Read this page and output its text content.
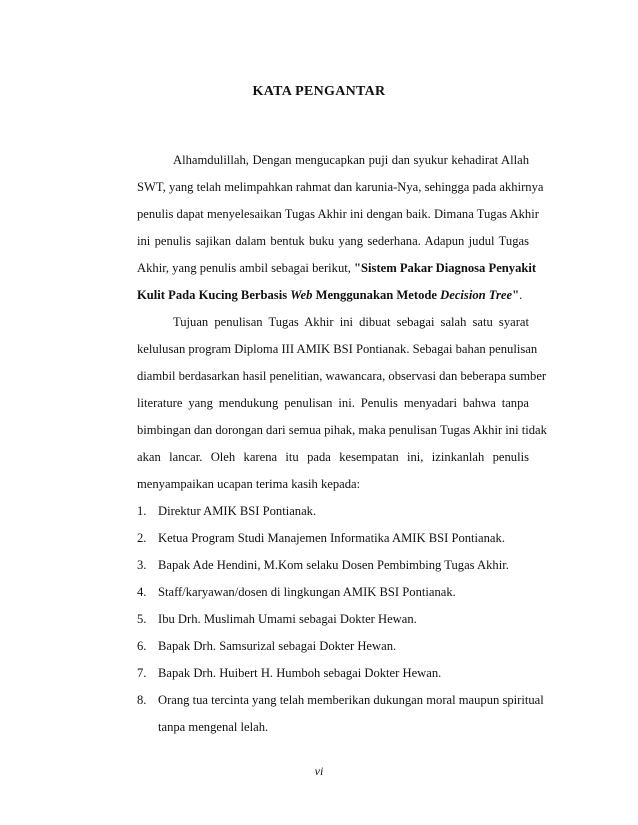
KATA PENGANTAR
Alhamdulillah, Dengan mengucapkan puji dan syukur kehadirat Allah
SWT, yang telah melimpahkan rahmat dan karunia-Nya, sehingga pada akhirnya
penulis dapat menyelesaikan Tugas Akhir ini dengan baik. Dimana Tugas Akhir
ini penulis sajikan dalam bentuk buku yang sederhana. Adapun judul Tugas
Akhir, yang penulis ambil sebagai berikut, "Sistem Pakar Diagnosa Penyakit
Kulit Pada Kucing Berbasis Web Menggunakan Metode Decision Tree".
Tujuan penulisan Tugas Akhir ini dibuat sebagai salah satu syarat
kelulusan program Diploma III AMIK BSI Pontianak. Sebagai bahan penulisan
diambil berdasarkan hasil penelitian, wawancara, observasi dan beberapa sumber
literature yang mendukung penulisan ini. Penulis menyadari bahwa tanpa
bimbingan dan dorongan dari semua pihak, maka penulisan Tugas Akhir ini tidak
akan lancar. Oleh karena itu pada kesempatan ini, izinkanlah penulis
menyampaikan ucapan terima kasih kepada:
1. Direktur AMIK BSI Pontianak.
2. Ketua Program Studi Manajemen Informatika AMIK BSI Pontianak.
3. Bapak Ade Hendini, M.Kom selaku Dosen Pembimbing Tugas Akhir.
4. Staff/karyawan/dosen di lingkungan AMIK BSI Pontianak.
5. Ibu Drh. Muslimah Umami sebagai Dokter Hewan.
6. Bapak Drh. Samsurizal sebagai Dokter Hewan.
7. Bapak Drh. Huibert H. Humboh sebagai Dokter Hewan.
8. Orang tua tercinta yang telah memberikan dukungan moral maupun spiritual
tanpa mengenal lelah.
vi
